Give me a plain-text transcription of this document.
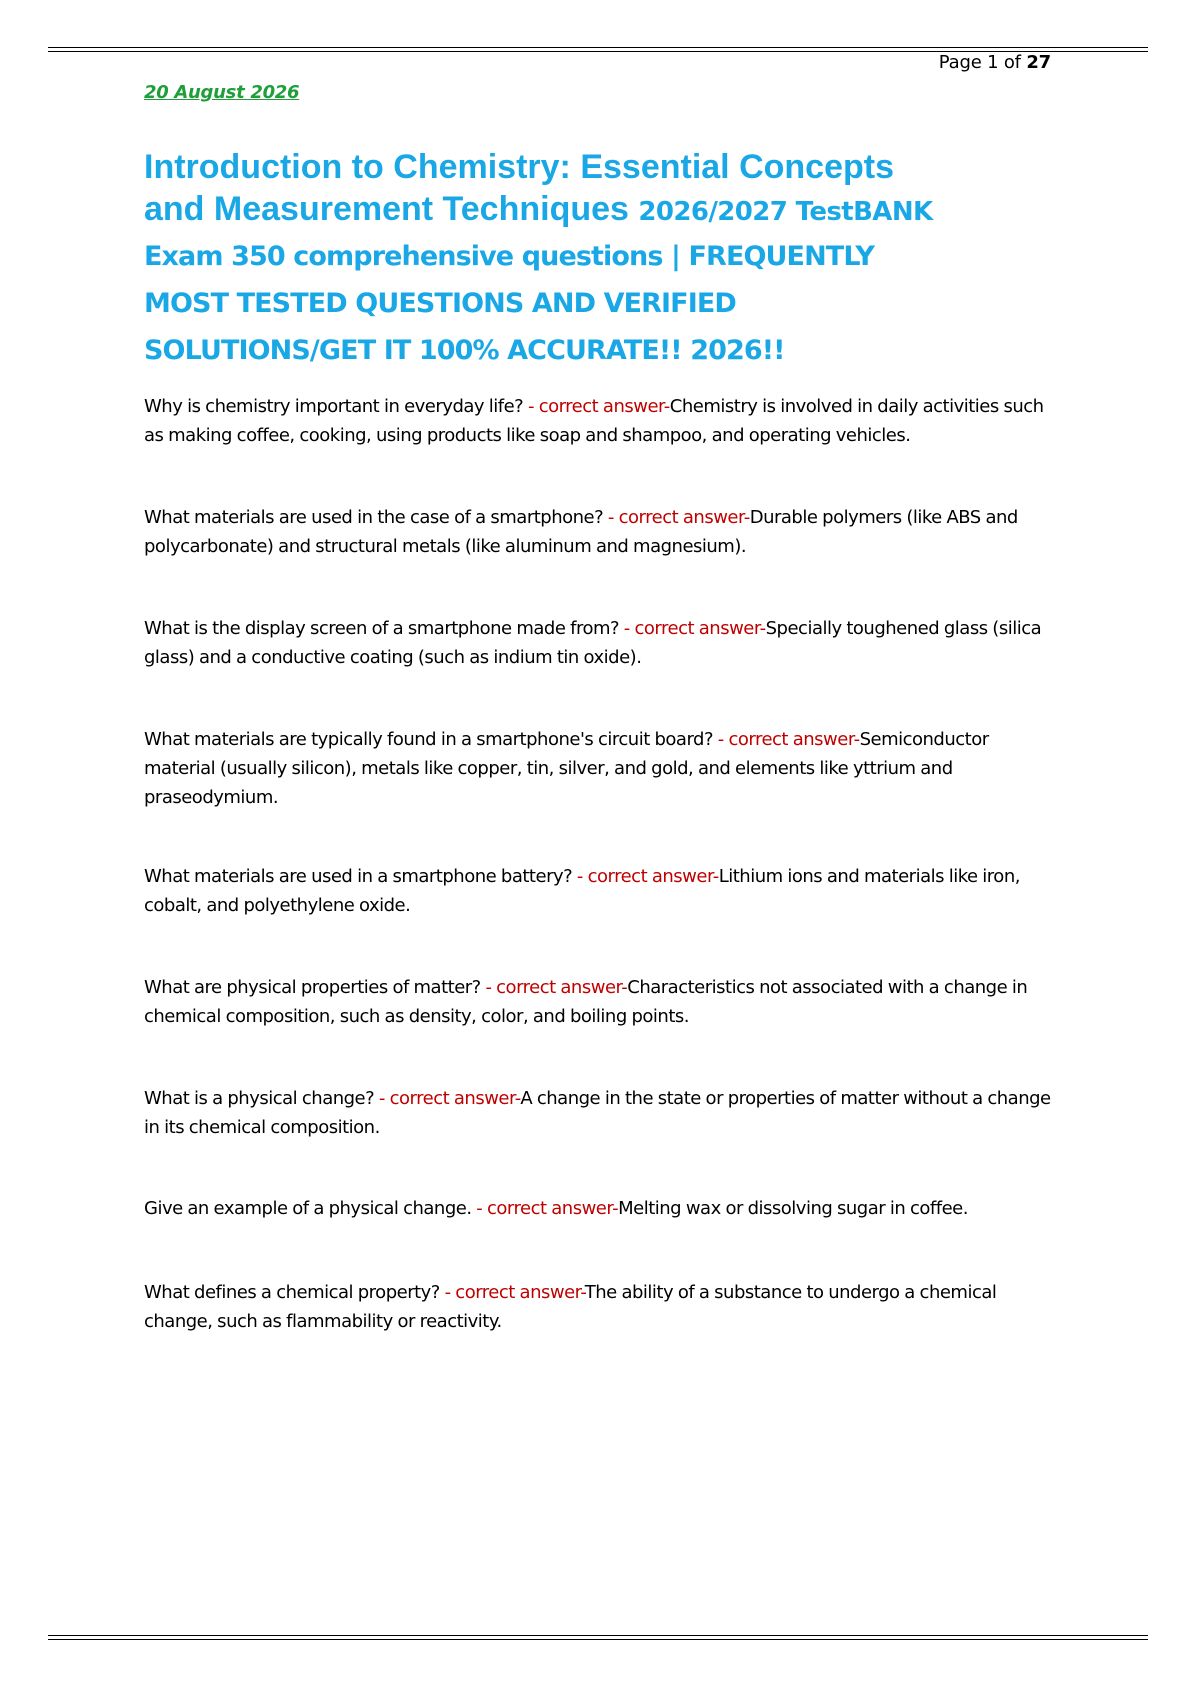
Page 1 of 27
20 August 2026
Introduction to Chemistry: Essential Concepts
and Measurement Techniques 2026/2027 TestBANK
Exam 350 comprehensive questions | FREQUENTLY
MOST TESTED QUESTIONS AND VERIFIED
SOLUTIONS/GET IT 100% ACCURATE!! 2026!!
Why is chemistry important in everyday life? - correct answer-Chemistry is involved in daily activities such as making coffee, cooking, using products like soap and shampoo, and operating vehicles.
What materials are used in the case of a smartphone? - correct answer-Durable polymers (like ABS and polycarbonate) and structural metals (like aluminum and magnesium).
What is the display screen of a smartphone made from? - correct answer-Specially toughened glass (silica glass) and a conductive coating (such as indium tin oxide).
What materials are typically found in a smartphone's circuit board? - correct answer-Semiconductor material (usually silicon), metals like copper, tin, silver, and gold, and elements like yttrium and praseodymium.
What materials are used in a smartphone battery? - correct answer-Lithium ions and materials like iron, cobalt, and polyethylene oxide.
What are physical properties of matter? - correct answer-Characteristics not associated with a change in chemical composition, such as density, color, and boiling points.
What is a physical change? - correct answer-A change in the state or properties of matter without a change in its chemical composition.
Give an example of a physical change. - correct answer-Melting wax or dissolving sugar in coffee.
What defines a chemical property? - correct answer-The ability of a substance to undergo a chemical change, such as flammability or reactivity.
